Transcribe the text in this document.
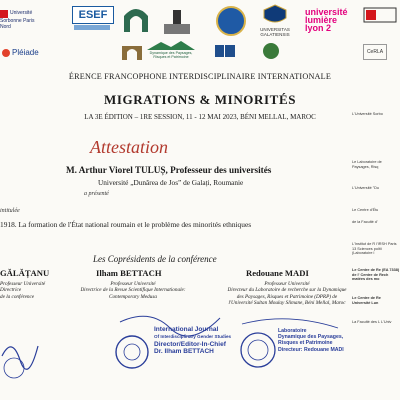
Université Sorbonne Paris Nord
Pléiade
ESEF
UNIVERSITAS GALATIENSIS
université
lumière
lyon 2
CeRLA
Dynamique des Paysages, Risques et Patrimoine
ÉRENCE FRANCOPHONE INTERDISCIPLINAIRE INTERNATIONALE
MIGRATIONS & MINORITÉS
LA 3E ÉDITION – 1RE SESSION, 11 - 12 MAI 2023, BÉNI MELLAL, MAROC
Attestation
M. Arthur Viorel TULUȘ, Professeur des universités
Université „Dunărea de Jos” de Galați, Roumanie
a présenté
intitulée
1918. La formation de l'État national roumain et le problème des minorités ethniques
Les Coprésidents de la conférence
GĂLĂȚANU
Professeur Université
Directrice
de la conférence
Ilham BETTACH
Professeur Université
Directrice de la Revue Scientifique Internationale:
Contemporary Medusa
Redouane MADI
Professeur Université
Directeur du Laboratoire de recherche sur la Dynamique
des Paysages, Risques et Patrimoine (DPRP) de
l'Université Sultan Moulay Slimane, Béni Mellal, Maroc
International Journal
Of Interdisciplinary Gender Studies
Director/Editor-In-Chief
Dr. Ilham BETTACH
Laboratoire
Dynamique des Paysages,
Risques et Patrimoine
Directeur: Redouane MADI
L'Université Sorbo
Le Laboratoire de Paysages, Risq
L'Université "Du
Le Centre d'Étu
de la Faculté d'
L'Institut de R l'IRSH Paris 13 Sciences politi (Laboratoire l
Le Centre de Re (EA 7338) de l' Centre de Rech matées des mo
Le Centre de Re Université Lun
La Faculté des L L'Univ
